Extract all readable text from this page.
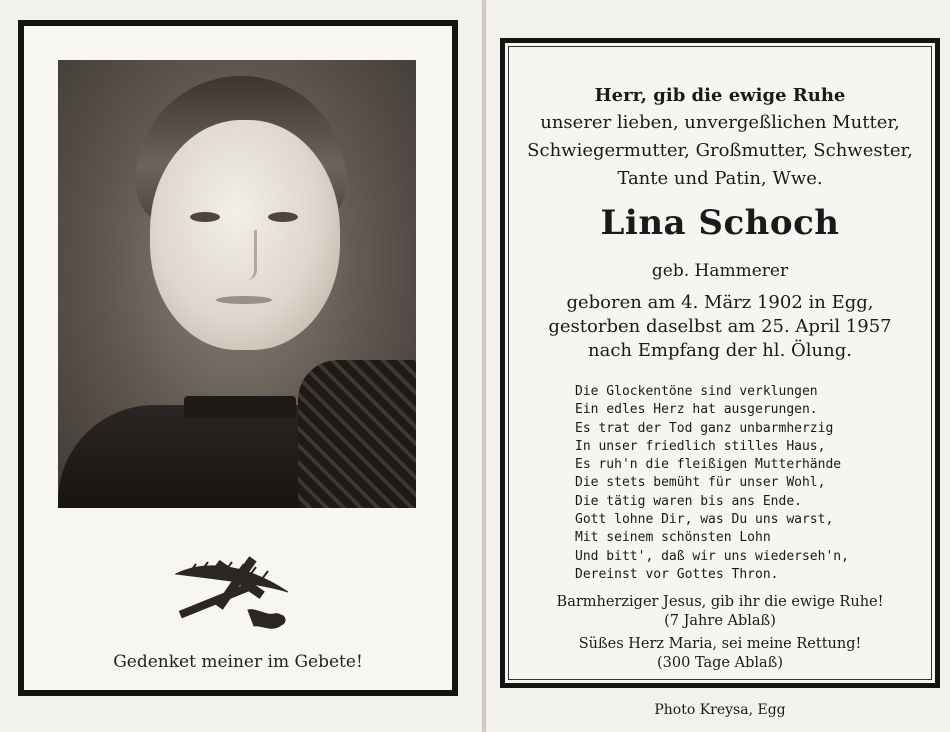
Gedenket meiner im Gebete!
Herr, gib die ewige Ruhe
unserer lieben, unvergeßlichen Mutter,
Schwiegermutter, Großmutter, Schwester,
Tante und Patin, Wwe.
Lina Schoch
geb. Hammerer
geboren am 4. März 1902 in Egg,
gestorben daselbst am 25. April 1957
nach Empfang der hl. Ölung.
Die Glockentöne sind verklungen
Ein edles Herz hat ausgerungen.
Es trat der Tod ganz unbarmherzig
In unser friedlich stilles Haus,
Es ruh'n die fleißigen Mutterhände
Die stets bemüht für unser Wohl,
Die tätig waren bis ans Ende.
Gott lohne Dir, was Du uns warst,
Mit seinem schönsten Lohn
Und bitt', daß wir uns wiederseh'n,
Dereinst vor Gottes Thron.
Barmherziger Jesus, gib ihr die ewige Ruhe!
(7 Jahre Ablaß)
Süßes Herz Maria, sei meine Rettung!
(300 Tage Ablaß)
Photo Kreysa, Egg
